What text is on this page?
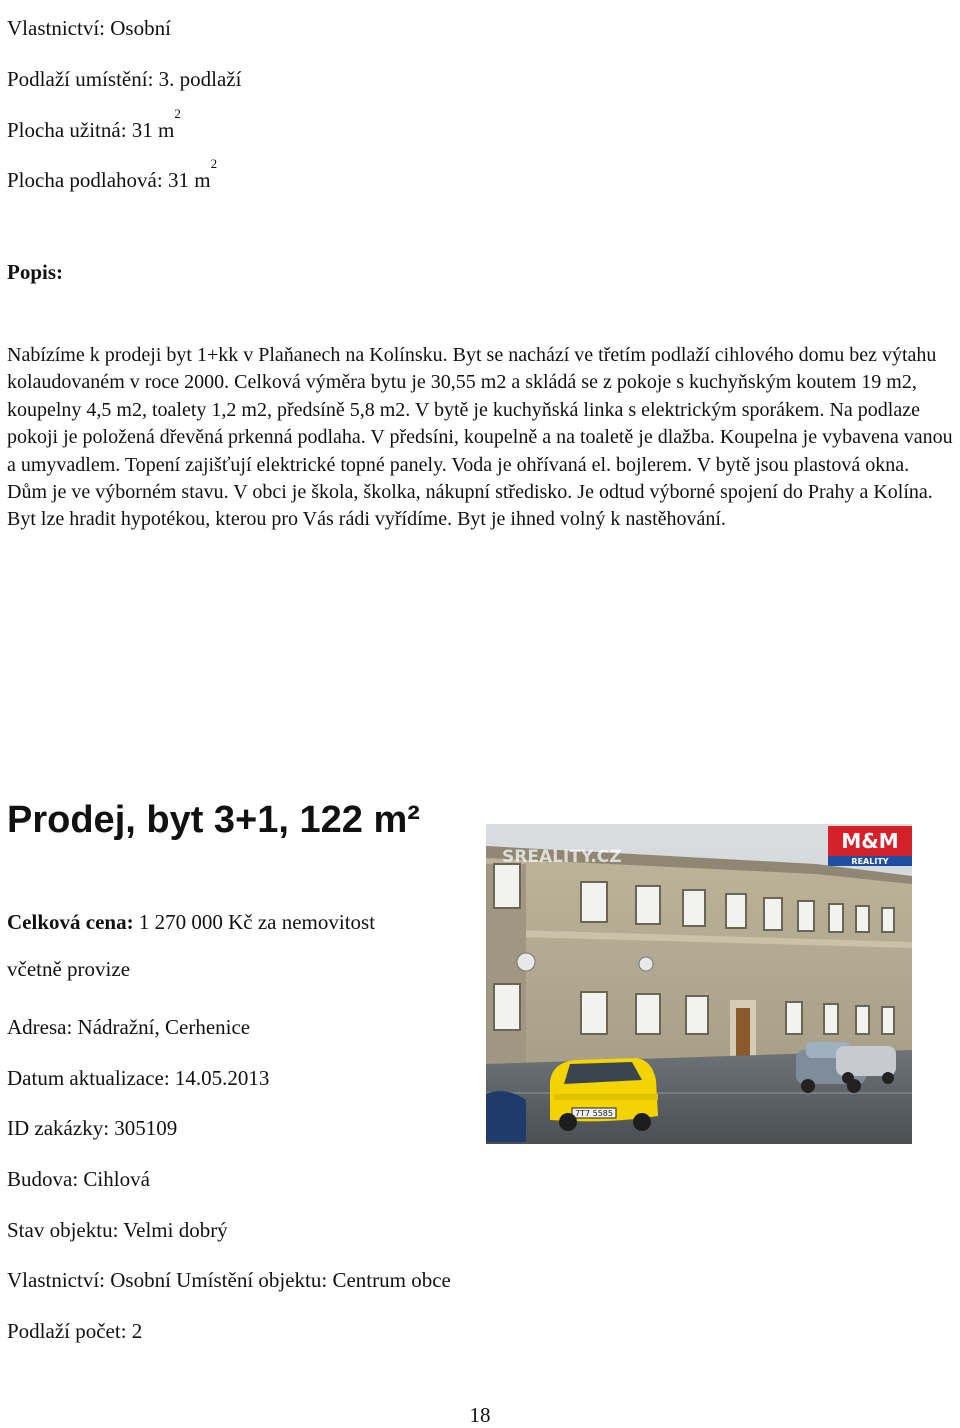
Vlastnictví: Osobní
Podlaží umístění: 3. podlaží
Plocha užitná: 31 $m^2$
Plocha podlahová: 31 $m^2$
Popis:
Nabízíme k prodeji byt 1+kk v Plaňanech na Kolínsku. Byt se nachází ve třetím podlaží cihlového domu bez výtahu kolaudovaném v roce 2000. Celková výměra bytu je 30,55 m2 a skládá se z pokoje s kuchyňským koutem 19 m2, koupelny 4,5 m2, toalety 1,2 m2, předsíně 5,8 m2. V bytě je kuchyňská linka s elektrickým sporákem. Na podlaze pokoji je položená dřevěná prkenná podlaha. V předsíni, koupelně a na toaletě je dlažba. Koupelna je vybavena vanou a umyvadlem. Topení zajišťují elektrické topné panely. Voda je ohřívaná el. bojlerem. V bytě jsou plastová okna. Dům je ve výborném stavu. V obci je škola, školka, nákupní středisko. Je odtud výborné spojení do Prahy a Kolína. Byt lze hradit hypotékou, kterou pro Vás rádi vyřídíme. Byt je ihned volný k nastěhování.
Prodej, byt 3+1, 122 m²
Celková cena: 1 270 000 Kč za nemovitost
včetně provize
Adresa: Nádražní, Cerhenice
Datum aktualizace: 14.05.2013
ID zakázky: 305109
Budova: Cihlová
Stav objektu: Velmi dobrý
Vlastnictví: Osobní Umístění objektu: Centrum obce
Podlaží počet: 2
7T7 5585
SREALITY.CZ
M&M
REALITY
18
